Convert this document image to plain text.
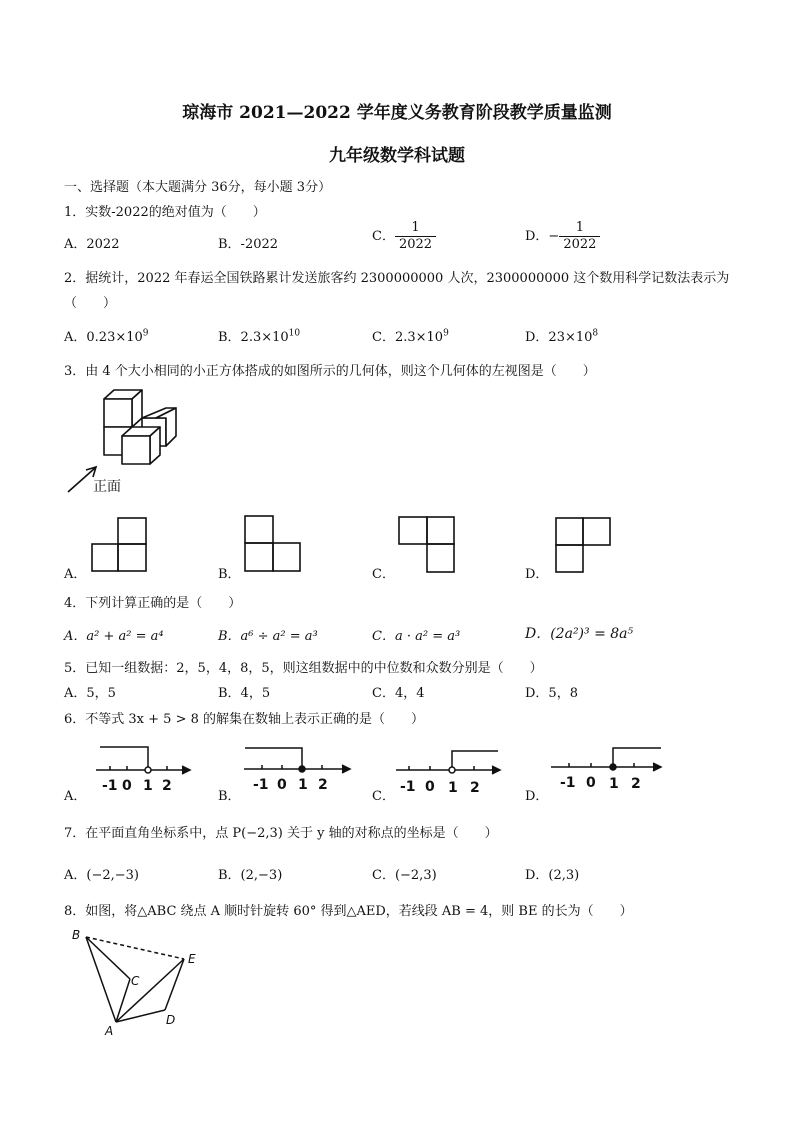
琼海市 2021—2022 学年度义务教育阶段教学质量监测
九年级数学科试题
一、选择题（本大题满分 36分，每小题 3分）
1．实数-2022的绝对值为（　　）
A．2022	B．-2022
C． $\frac{1}{2022}$	D．− $\frac{1}{2022}$
2．据统计，2022 年春运全国铁路累计发送旅客约 2300000000 人次，2300000000 这个数用科学记数法表示为
（　　）
A．$0.23\times 10^9$	B．$2.3\times 10^{10}$	C．$2.3\times 10^9$	D．$23\times 10^8$
3．由 4 个大小相同的小正方体搭成的如图所示的几何体，则这个几何体的左视图是（　　）
正面
A．	B．	C．	D．
4．下列计算正确的是（　　）
A．a² + a² = a⁴	B．a⁶ ÷ a² = a³	C．a · a² = a³	D．(2a²)³ = 8a⁵
5．已知一组数据：2，5，4，8，5，则这组数据中的中位数和众数分别是（　　）
A．5，5	B．4，5	C．4，4	D．5，8
6．不等式 3x + 5 > 8 的解集在数轴上表示正确的是（　　）
A．
-1 0 1 2
B．
-1 0 1 2
C．
-1 0 1 2
D．
-1 0 1 2
7．在平面直角坐标系中，点 P(−2,3) 关于 y 轴的对称点的坐标是（　　）
A．(−2,−3)	B．(2,−3)	C．(−2,3)	D．(2,3)
8．如图，将△ABC 绕点 A 顺时针旋转 60° 得到△AED，若线段 AB = 4，则 BE 的长为（　　）
B
E
C
A
D
